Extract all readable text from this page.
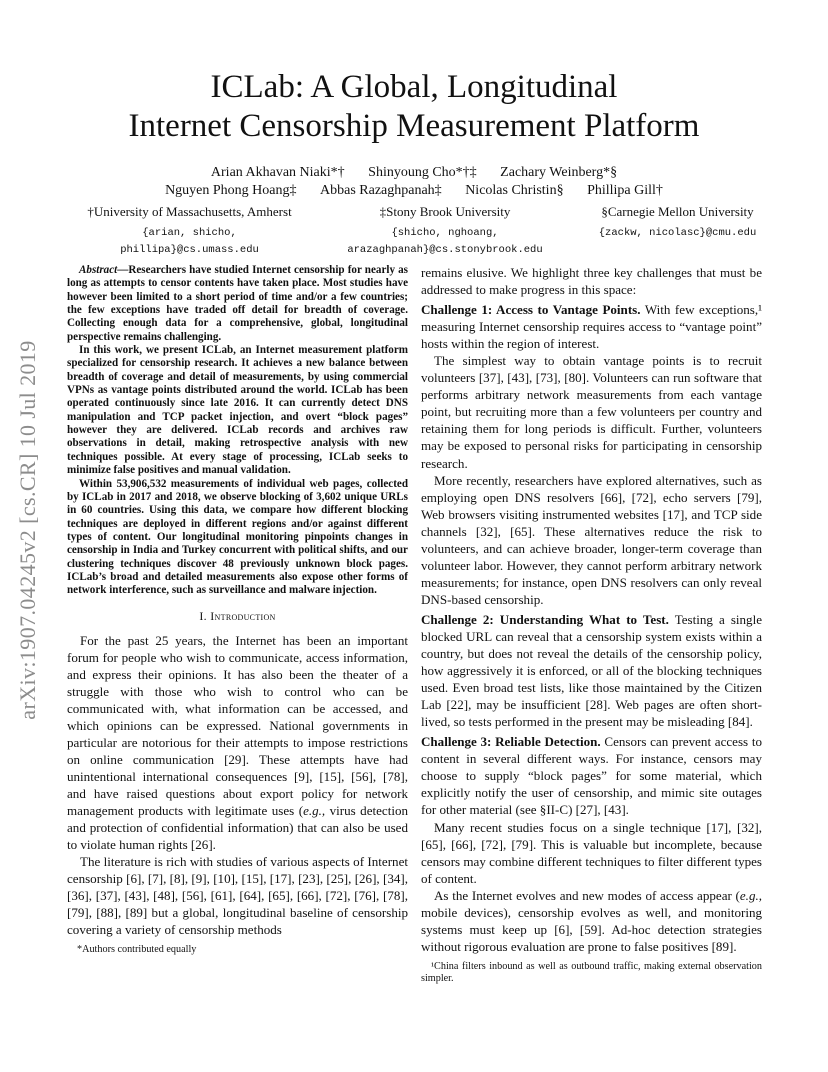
arXiv:1907.04245v2 [cs.CR] 10 Jul 2019
ICLab: A Global, Longitudinal
Internet Censorship Measurement Platform
Arian Akhavan Niaki*† Shinyoung Cho*†‡ Zachary Weinberg*§
Nguyen Phong Hoang‡ Abbas Razaghpanah‡ Nicolas Christin§ Phillipa Gill†
†University of Massachusetts, Amherst
{arian, shicho, phillipa}@cs.umass.edu
‡Stony Brook University
{shicho, nghoang, arazaghpanah}@cs.stonybrook.edu
§Carnegie Mellon University
{zackw, nicolasc}@cmu.edu

Abstract—Researchers have studied Internet censorship for nearly as long as attempts to censor contents have taken place. Most studies have however been limited to a short period of time and/or a few countries; the few exceptions have traded off detail for breadth of coverage. Collecting enough data for a comprehensive, global, longitudinal perspective remains challenging.

In this work, we present ICLab, an Internet measurement platform specialized for censorship research. It achieves a new balance between breadth of coverage and detail of measurements, by using commercial VPNs as vantage points distributed around the world. ICLab has been operated continuously since late 2016. It can currently detect DNS manipulation and TCP packet injection, and overt “block pages” however they are delivered. ICLab records and archives raw observations in detail, making retrospective analysis with new techniques possible. At every stage of processing, ICLab seeks to minimize false positives and manual validation.

Within 53,906,532 measurements of individual web pages, collected by ICLab in 2017 and 2018, we observe blocking of 3,602 unique URLs in 60 countries. Using this data, we compare how different blocking techniques are deployed in different regions and/or against different types of content. Our longitudinal monitoring pinpoints changes in censorship in India and Turkey concurrent with political shifts, and our clustering techniques discover 48 previously unknown block pages. ICLab’s broad and detailed measurements also expose other forms of network interference, such as surveillance and malware injection.

I. Introduction

For the past 25 years, the Internet has been an important forum for people who wish to communicate, access information, and express their opinions. It has also been the theater of a struggle with those who wish to control who can be communicated with, what information can be accessed, and which opinions can be expressed. National governments in particular are notorious for their attempts to impose restrictions on online communication [29]. These attempts have had unintentional international consequences [9], [15], [56], [78], and have raised questions about export policy for network management products with legitimate uses (e.g., virus detection and protection of confidential information) that can also be used to violate human rights [26].

The literature is rich with studies of various aspects of Internet censorship [6], [7], [8], [9], [10], [15], [17], [23], [25], [26], [34], [36], [37], [43], [48], [56], [61], [64], [65], [66], [72], [76], [78], [79], [88], [89] but a global, longitudinal baseline of censorship covering a variety of censorship methods

*Authors contributed equally

remains elusive. We highlight three key challenges that must be addressed to make progress in this space:

Challenge 1: Access to Vantage Points. With few exceptions,¹ measuring Internet censorship requires access to “vantage point” hosts within the region of interest.

The simplest way to obtain vantage points is to recruit volunteers [37], [43], [73], [80]. Volunteers can run software that performs arbitrary network measurements from each vantage point, but recruiting more than a few volunteers per country and retaining them for long periods is difficult. Further, volunteers may be exposed to personal risks for participating in censorship research.

More recently, researchers have explored alternatives, such as employing open DNS resolvers [66], [72], echo servers [79], Web browsers visiting instrumented websites [17], and TCP side channels [32], [65]. These alternatives reduce the risk to volunteers, and can achieve broader, longer-term coverage than volunteer labor. However, they cannot perform arbitrary network measurements; for instance, open DNS resolvers can only reveal DNS-based censorship.

Challenge 2: Understanding What to Test. Testing a single blocked URL can reveal that a censorship system exists within a country, but does not reveal the details of the censorship policy, how aggressively it is enforced, or all of the blocking techniques used. Even broad test lists, like those maintained by the Citizen Lab [22], may be insufficient [28]. Web pages are often short-lived, so tests performed in the present may be misleading [84].

Challenge 3: Reliable Detection. Censors can prevent access to content in several different ways. For instance, censors may choose to supply “block pages” for some material, which explicitly notify the user of censorship, and mimic site outages for other material (see §II-C) [27], [43].

Many recent studies focus on a single technique [17], [32], [65], [66], [72], [79]. This is valuable but incomplete, because censors may combine different techniques to filter different types of content.

As the Internet evolves and new modes of access appear (e.g., mobile devices), censorship evolves as well, and monitoring systems must keep up [6], [59]. Ad-hoc detection strategies without rigorous evaluation are prone to false positives [89].

¹China filters inbound as well as outbound traffic, making external observation simpler.
